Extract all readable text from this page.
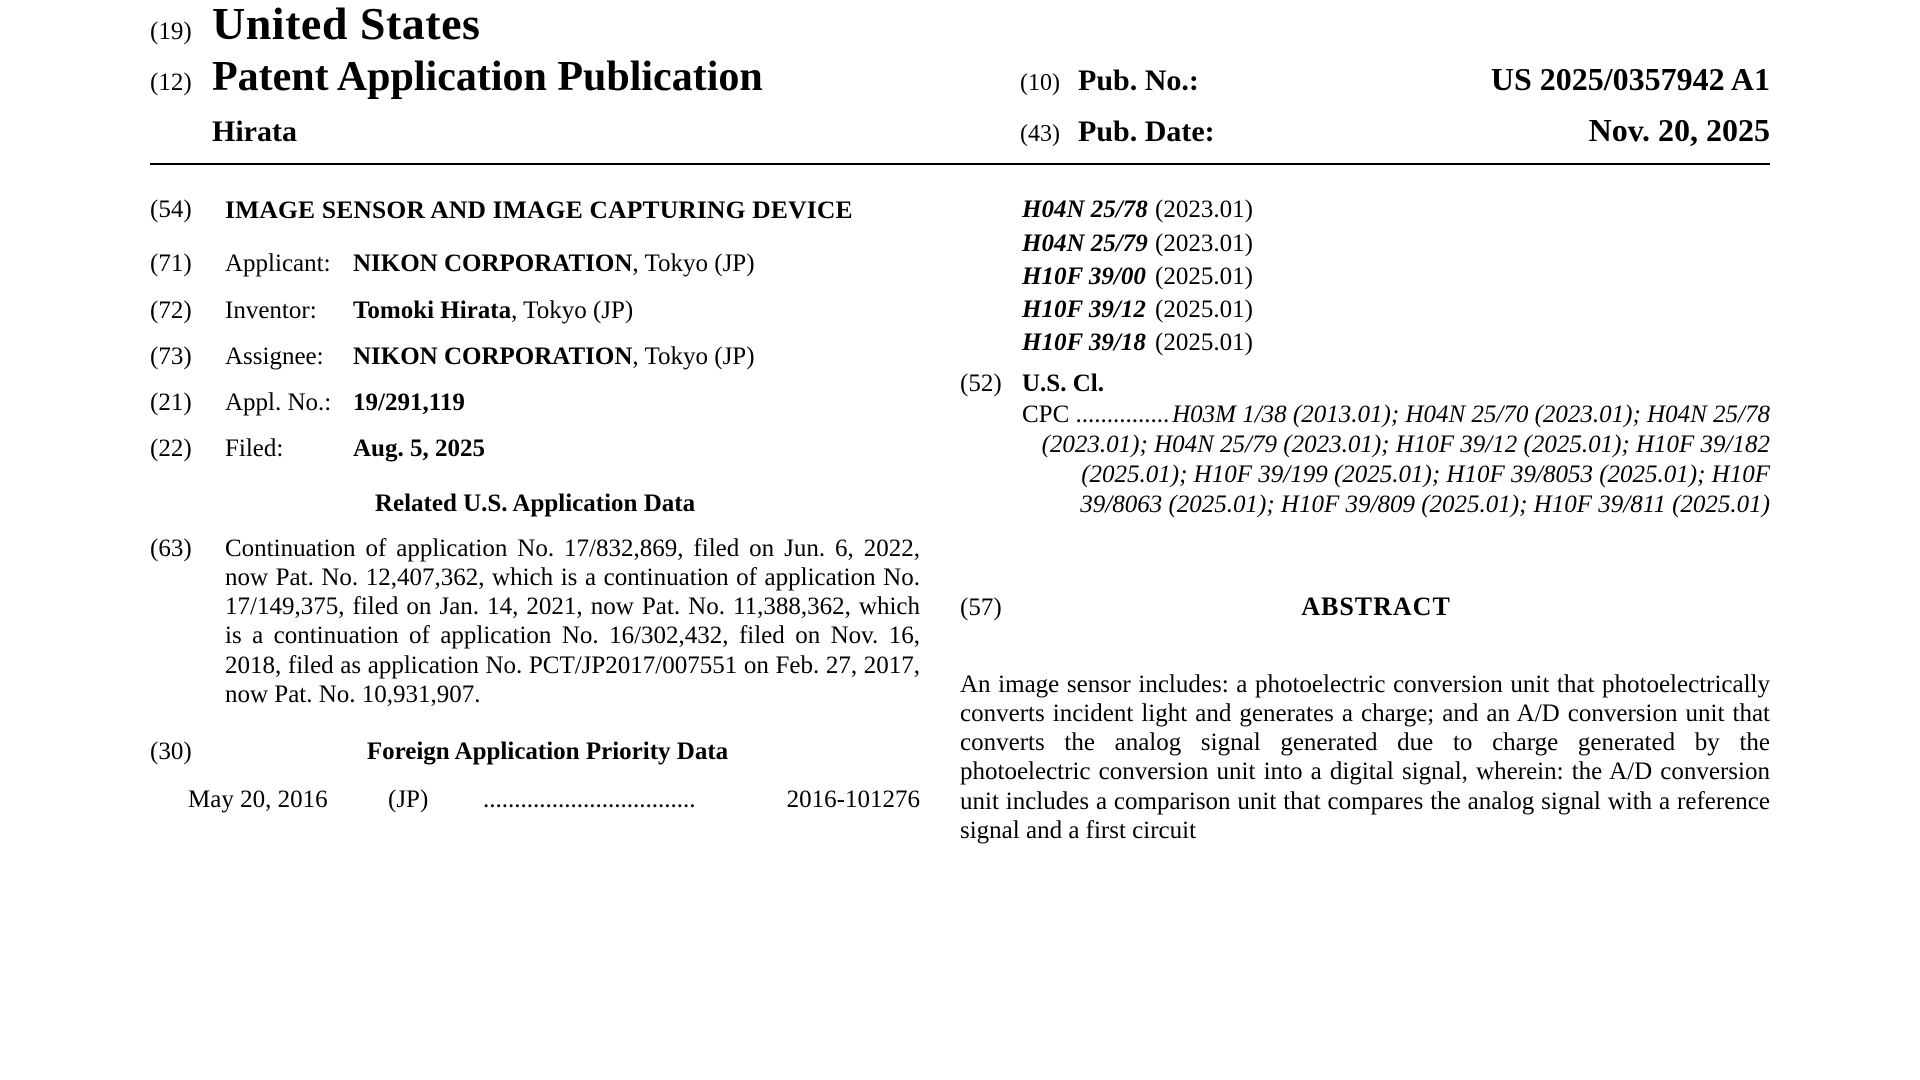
(19) United States
(12) Patent Application Publication	(10) Pub. No.:	US 2025/0357942 A1
Hirata	(43) Pub. Date:	Nov. 20, 2025
(54)	IMAGE SENSOR AND IMAGE CAPTURING DEVICE
(71)	Applicant: NIKON CORPORATION, Tokyo (JP)
(72)	Inventor: Tomoki Hirata, Tokyo (JP)
(73)	Assignee: NIKON CORPORATION, Tokyo (JP)
(21)	Appl. No.: 19/291,119
(22)	Filed:	Aug. 5, 2025
Related U.S. Application Data
(63)	Continuation of application No. 17/832,869, filed on Jun. 6, 2022, now Pat. No. 12,407,362, which is a continuation of application No. 17/149,375, filed on Jan. 14, 2021, now Pat. No. 11,388,362, which is a continuation of application No. 16/302,432, filed on Nov. 16, 2018, filed as application No. PCT/JP2017/007551 on Feb. 27, 2017, now Pat. No. 10,931,907.
(30)	Foreign Application Priority Data
May 20, 2016	(JP)	..................................	2016-101276
H04N 25/78 (2023.01)
H04N 25/79 (2023.01)
H10F 39/00 (2025.01)
H10F 39/12 (2025.01)
H10F 39/18 (2025.01)
(52) U.S. Cl.
CPC ............... H03M 1/38 (2013.01); H04N 25/70 (2023.01); H04N 25/78 (2023.01); H04N 25/79 (2023.01); H10F 39/12 (2025.01); H10F 39/182 (2025.01); H10F 39/199 (2025.01); H10F 39/8053 (2025.01); H10F 39/8063 (2025.01); H10F 39/809 (2025.01); H10F 39/811 (2025.01)
(57)	ABSTRACT
An image sensor includes: a photoelectric conversion unit that photoelectrically converts incident light and generates a charge; and an A/D conversion unit that converts the analog signal generated due to charge generated by the photoelectric conversion unit into a digital signal, wherein: the A/D conversion unit includes a comparison unit that compares the analog signal with a reference signal and a first circuit
